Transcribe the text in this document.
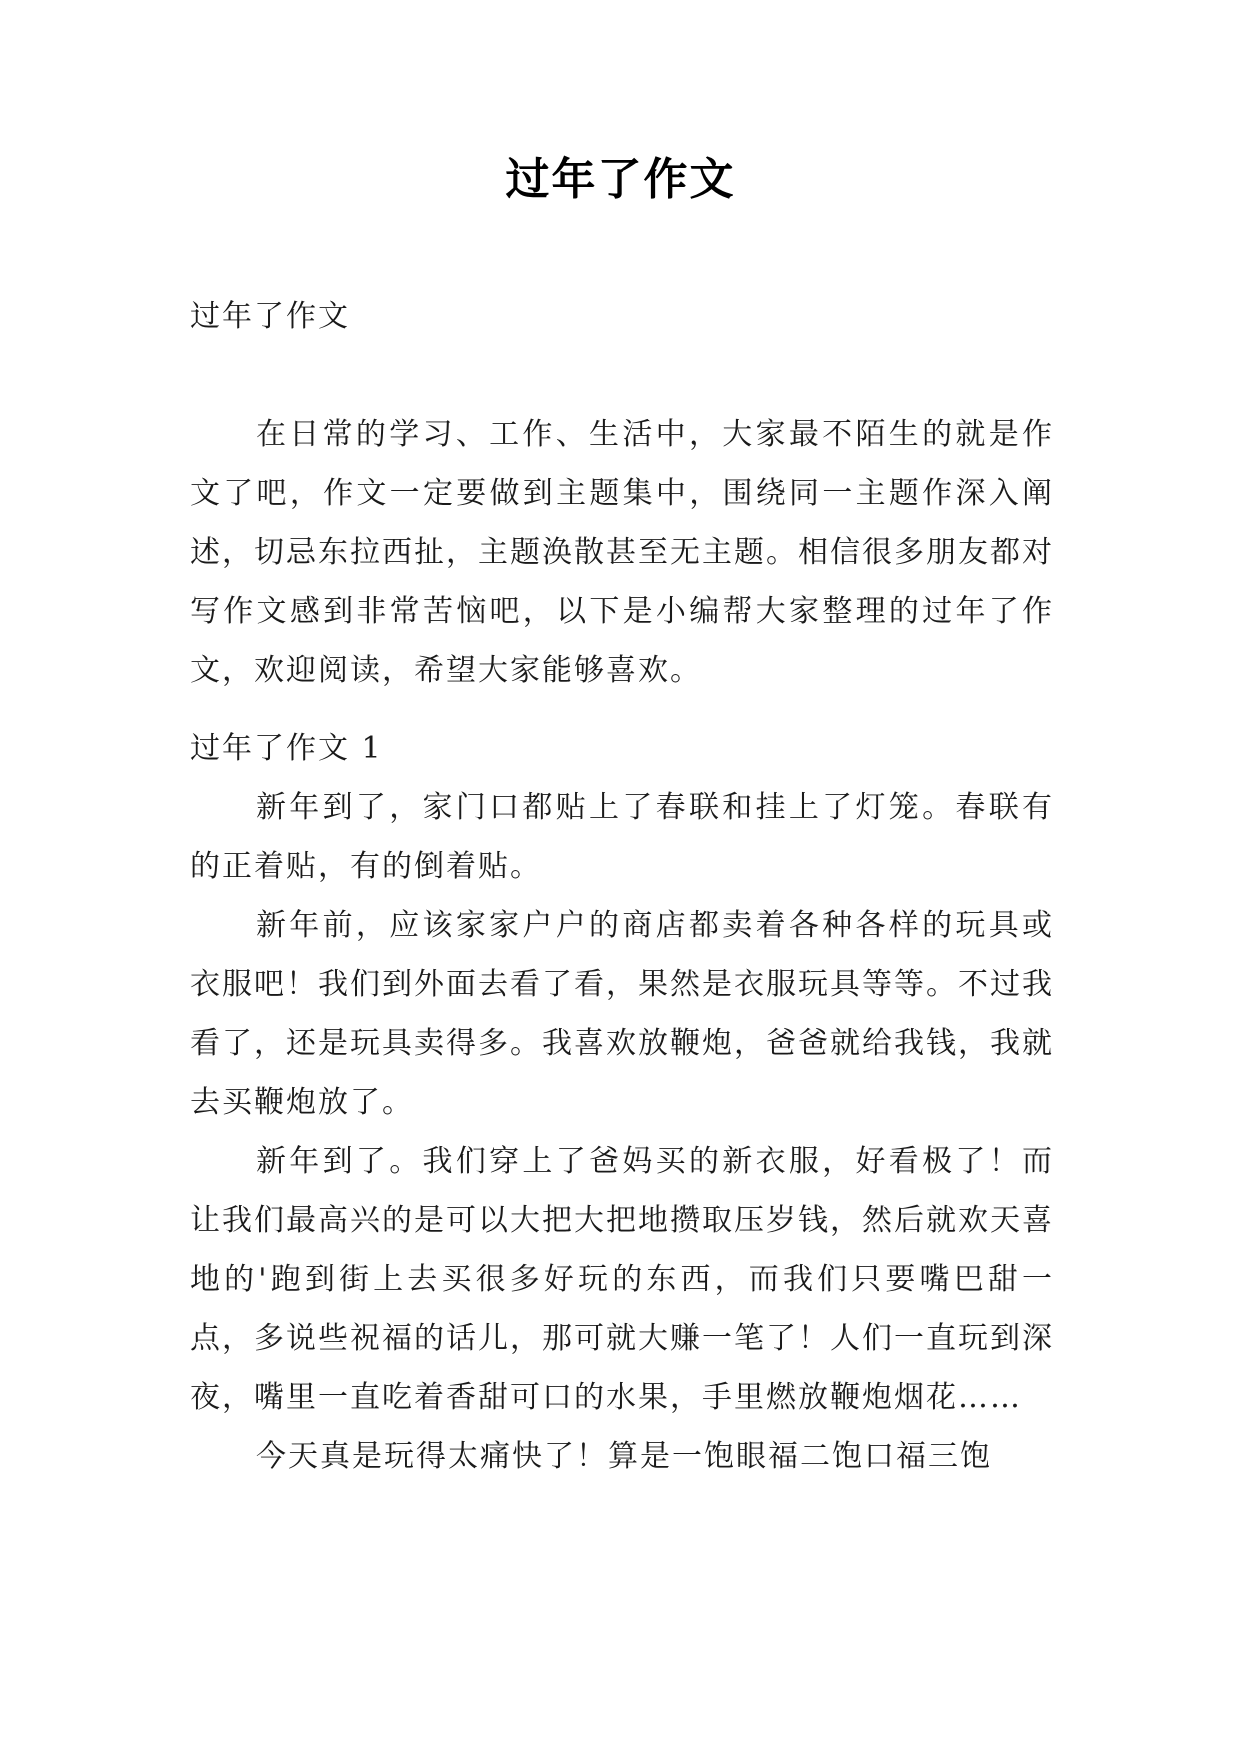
过年了作文
过年了作文

在日常的学习、工作、生活中，大家最不陌生的就是作文了吧，作文一定要做到主题集中，围绕同一主题作深入阐述，切忌东拉西扯，主题涣散甚至无主题。相信很多朋友都对写作文感到非常苦恼吧，以下是小编帮大家整理的过年了作文，欢迎阅读，希望大家能够喜欢。

过年了作文 1

新年到了，家门口都贴上了春联和挂上了灯笼。春联有的正着贴，有的倒着贴。

新年前，应该家家户户的商店都卖着各种各样的玩具或衣服吧！我们到外面去看了看，果然是衣服玩具等等。不过我看了，还是玩具卖得多。我喜欢放鞭炮，爸爸就给我钱，我就去买鞭炮放了。

新年到了。我们穿上了爸妈买的新衣服，好看极了！而让我们最高兴的是可以大把大把地攒取压岁钱，然后就欢天喜地的'跑到街上去买很多好玩的东西，而我们只要嘴巴甜一点，多说些祝福的话儿，那可就大赚一笔了！人们一直玩到深夜，嘴里一直吃着香甜可口的水果，手里燃放鞭炮烟花……

今天真是玩得太痛快了！算是一饱眼福二饱口福三饱
